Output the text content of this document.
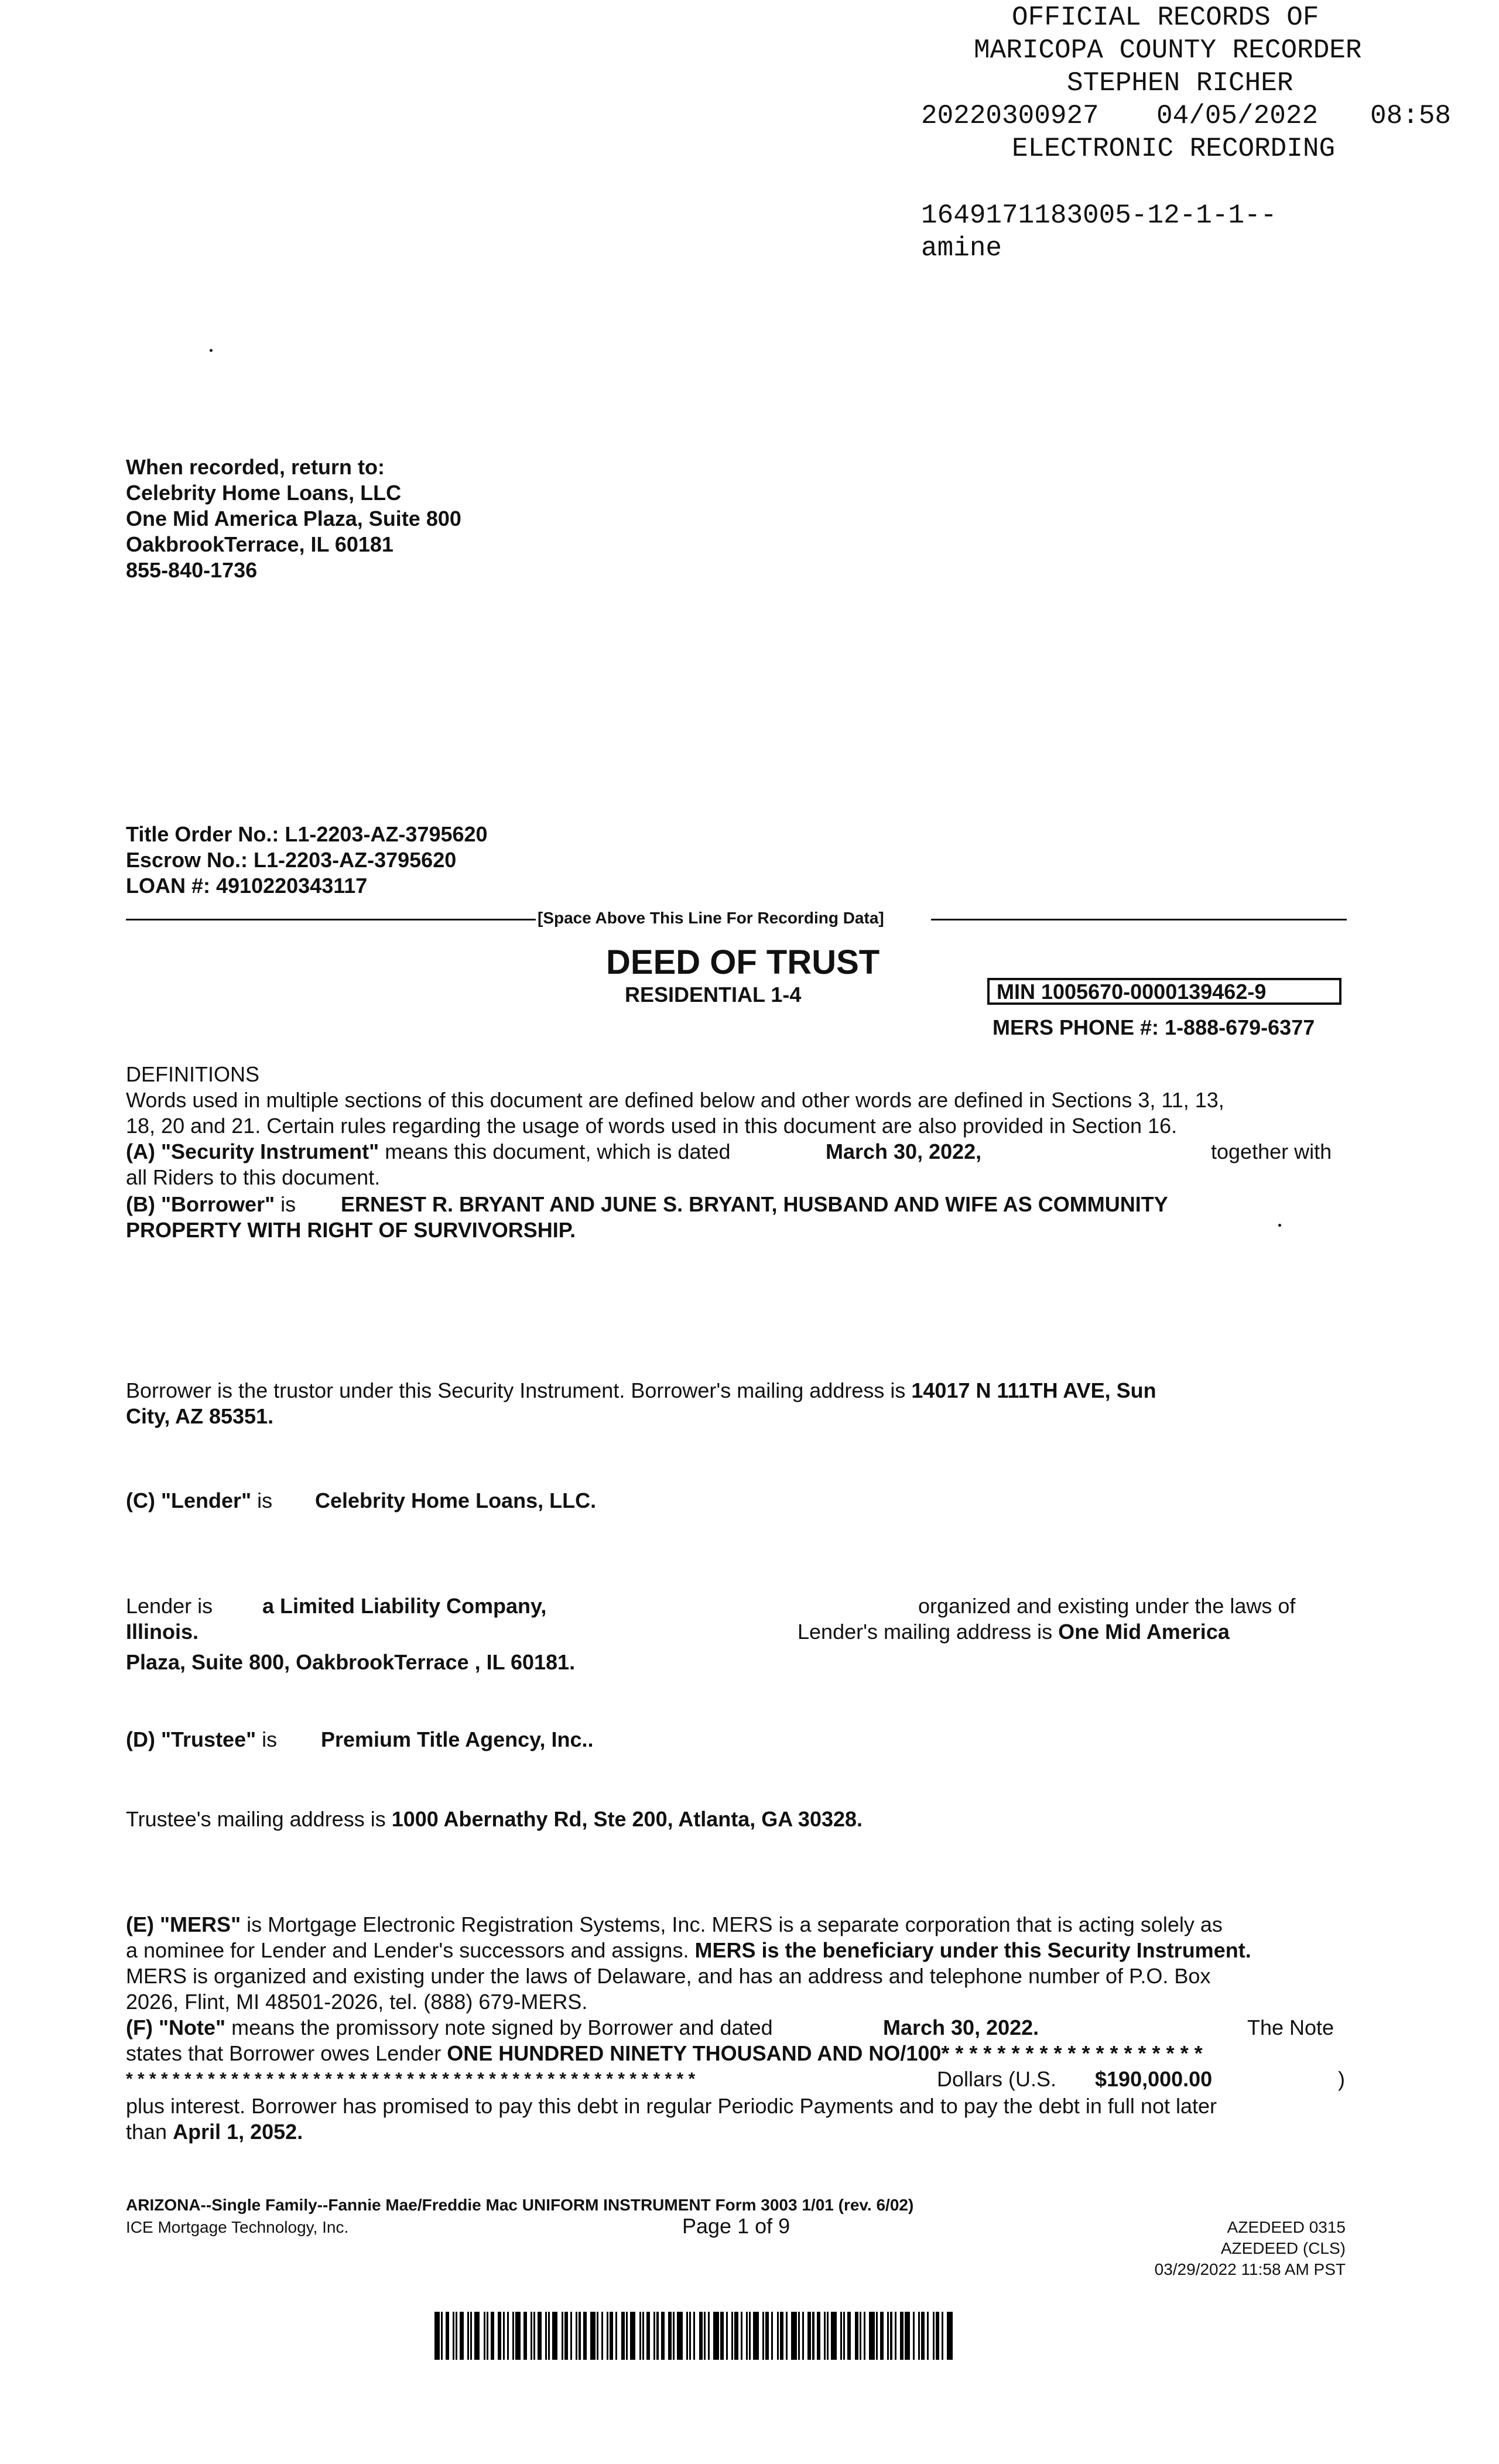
OFFICIAL RECORDS OF
MARICOPA COUNTY RECORDER
STEPHEN RICHER
20220300927 04/05/2022 08:58
ELECTRONIC RECORDING
1649171183005-12-1-1--
amine
When recorded, return to:
Celebrity Home Loans, LLC
One Mid America Plaza, Suite 800
OakbrookTerrace, IL 60181
855-840-1736
Title Order No.: L1-2203-AZ-3795620
Escrow No.: L1-2203-AZ-3795620
LOAN #: 4910220343117
[Space Above This Line For Recording Data]
DEED OF TRUST
RESIDENTIAL 1-4	MIN 1005670-0000139462-9
MERS PHONE #: 1-888-679-6377
DEFINITIONS
Words used in multiple sections of this document are defined below and other words are defined in Sections 3, 11, 13,
18, 20 and 21. Certain rules regarding the usage of words used in this document are also provided in Section 16.
(A) "Security Instrument" means this document, which is dated	March 30, 2022,	together with
all Riders to this document.
(B) "Borrower" is ERNEST R. BRYANT AND JUNE S. BRYANT, HUSBAND AND WIFE AS COMMUNITY
PROPERTY WITH RIGHT OF SURVIVORSHIP.
Borrower is the trustor under this Security Instrument. Borrower's mailing address is 14017 N 111TH AVE, Sun
City, AZ 85351.
(C) "Lender" is Celebrity Home Loans, LLC.
Lender is a Limited Liability Company,	organized and existing under the laws of
Illinois.	Lender's mailing address is One Mid America
Plaza, Suite 800, OakbrookTerrace , IL 60181.
(D) "Trustee" is Premium Title Agency, Inc..
Trustee's mailing address is 1000 Abernathy Rd, Ste 200, Atlanta, GA 30328.
(E) "MERS" is Mortgage Electronic Registration Systems, Inc. MERS is a separate corporation that is acting solely as
a nominee for Lender and Lender's successors and assigns. MERS is the beneficiary under this Security Instrument.
MERS is organized and existing under the laws of Delaware, and has an address and telephone number of P.O. Box
2026, Flint, MI 48501-2026, tel. (888) 679-MERS.
(F) "Note" means the promissory note signed by Borrower and dated	March 30, 2022.	The Note
states that Borrower owes Lender ONE HUNDRED NINETY THOUSAND AND NO/100* * * * * * * * * * * * * * * * * * *
* * * * * * * * * * * * * * * * * * * * * * * * * * * * * * * * * * * * * * * * * * * * * * * * *	Dollars (U.S. $190,000.00	)
plus interest. Borrower has promised to pay this debt in regular Periodic Payments and to pay the debt in full not later
than April 1, 2052.
ARIZONA--Single Family--Fannie Mae/Freddie Mac UNIFORM INSTRUMENT Form 3003 1/01 (rev. 6/02)
ICE Mortgage Technology, Inc.	Page 1 of 9	AZEDEED 0315
AZEDEED (CLS)
03/29/2022 11:58 AM PST
